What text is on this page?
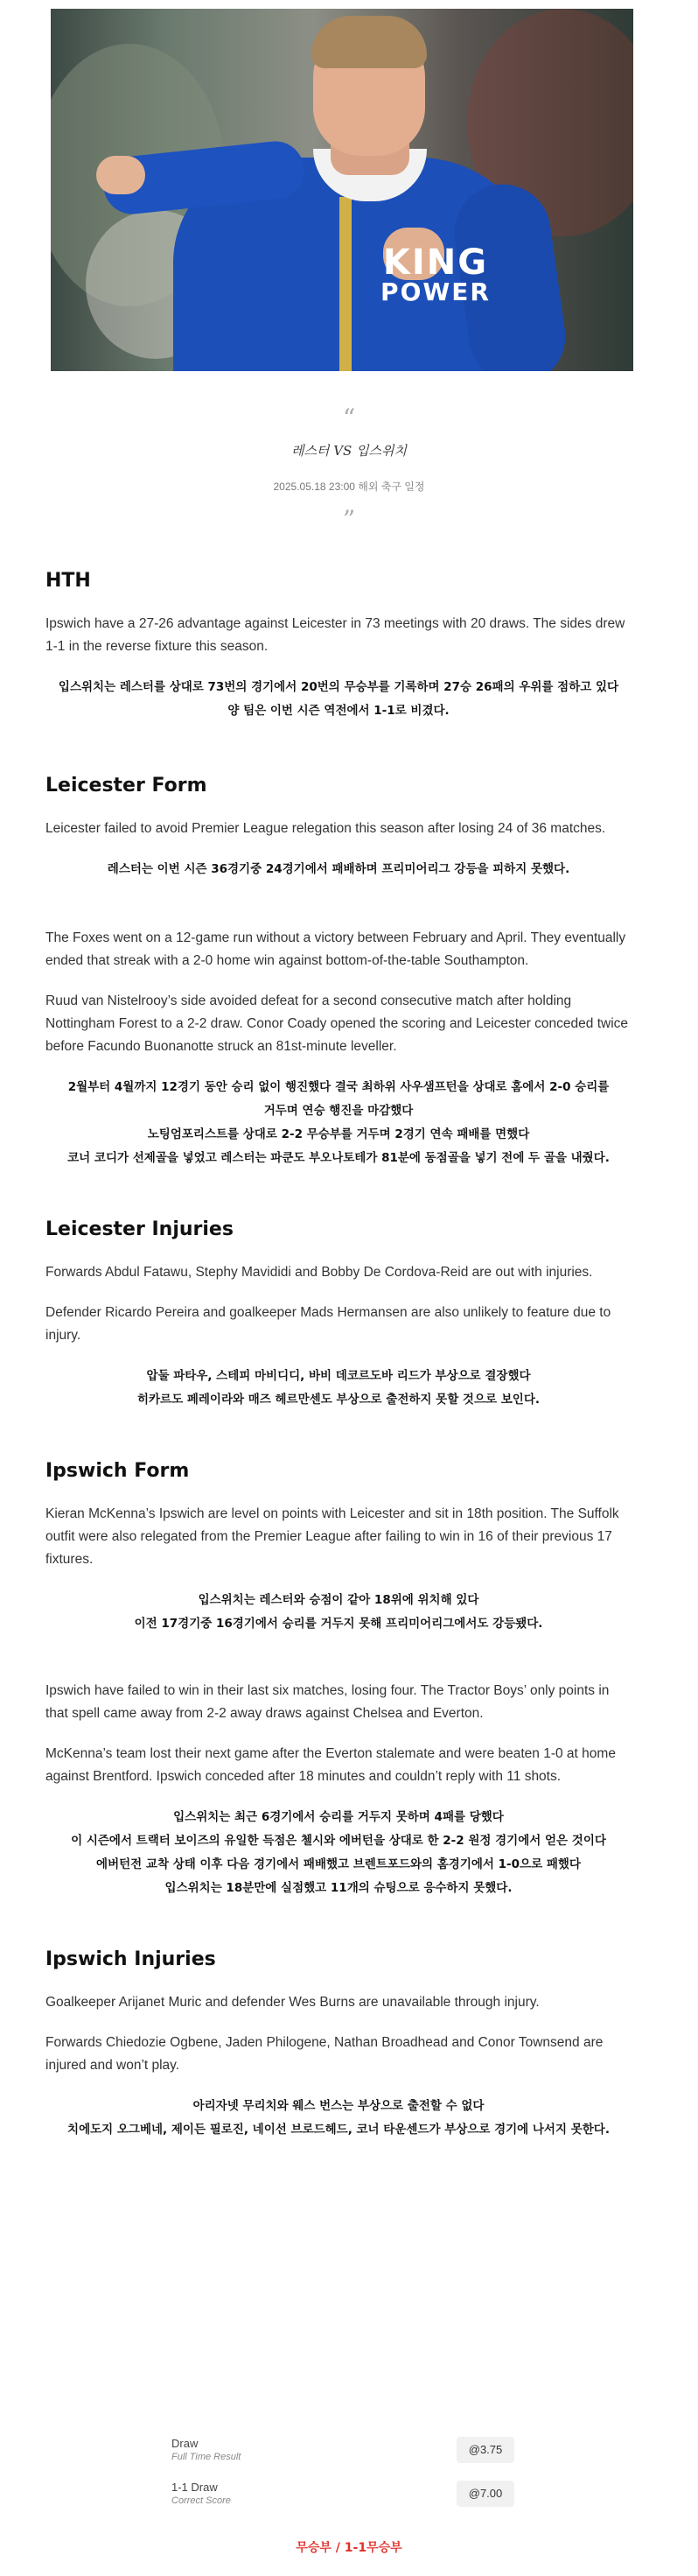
KING
POWER
“
레스터 VS 입스위치
2025.05.18 23:00 해외 축구 일정
”
HTH

Ipswich have a 27-26 advantage against Leicester in 73 meetings with 20 draws. The sides drew 1-1 in the reverse fixture this season.

입스위치는 레스터를 상대로 73번의 경기에서 20번의 무승부를 기록하며 27승 26패의 우위를 점하고 있다
양 팀은 이번 시즌 역전에서 1-1로 비겼다.

Leicester Form

Leicester failed to avoid Premier League relegation this season after losing 24 of 36 matches.

레스터는 이번 시즌 36경기중 24경기에서 패배하며 프리미어리그 강등을 피하지 못했다.

The Foxes went on a 12-game run without a victory between February and April. They eventually ended that streak with a 2-0 home win against bottom-of-the-table Southampton.

Ruud van Nistelrooy’s side avoided defeat for a second consecutive match after holding Nottingham Forest to a 2-2 draw. Conor Coady opened the scoring and Leicester conceded twice before Facundo Buonanotte struck an 81st-minute leveller.

2월부터 4월까지 12경기 동안 승리 없이 행진했다 결국 최하위 사우샘프턴을 상대로 홈에서 2-0 승리를
거두며 연승 행진을 마감했다
노팅엄포리스트를 상대로 2-2 무승부를 거두며 2경기 연속 패배를 면했다
코너 코디가 선제골을 넣었고 레스터는 파쿤도 부오나토테가 81분에 동점골을 넣기 전에 두 골을 내줬다.

Leicester Injuries

Forwards Abdul Fatawu, Stephy Mavididi and Bobby De Cordova-Reid are out with injuries.

Defender Ricardo Pereira and goalkeeper Mads Hermansen are also unlikely to feature due to injury.

압둘 파타우, 스테피 마비디디, 바비 데코르도바 리드가 부상으로 결장했다
히카르도 페레이라와 매즈 헤르만센도 부상으로 출전하지 못할 것으로 보인다.

Ipswich Form

Kieran McKenna’s Ipswich are level on points with Leicester and sit in 18th position. The Suffolk outfit were also relegated from the Premier League after failing to win in 16 of their previous 17 fixtures.

입스위치는 레스터와 승점이 같아 18위에 위치해 있다
이전 17경기중 16경기에서 승리를 거두지 못해 프리미어리그에서도 강등됐다.

Ipswich have failed to win in their last six matches, losing four. The Tractor Boys’ only points in that spell came away from 2-2 away draws against Chelsea and Everton.

McKenna’s team lost their next game after the Everton stalemate and were beaten 1-0 at home against Brentford. Ipswich conceded after 18 minutes and couldn’t reply with 11 shots.

입스위치는 최근 6경기에서 승리를 거두지 못하며 4패를 당했다
이 시즌에서 트랙터 보이즈의 유일한 득점은 첼시와 에버턴을 상대로 한 2-2 원정 경기에서 얻은 것이다
에버턴전 교착 상태 이후 다음 경기에서 패배했고 브렌트포드와의 홈경기에서 1-0으로 패했다
입스위치는 18분만에 실점했고 11개의 슈팅으로 응수하지 못했다.

Ipswich Injuries

Goalkeeper Arijanet Muric and defender Wes Burns are unavailable through injury.

Forwards Chiedozie Ogbene, Jaden Philogene, Nathan Broadhead and Conor Townsend are injured and won’t play.

아리자넷 무리치와 웨스 번스는 부상으로 출전할 수 없다
치에도지 오그베네, 제이든 필로진, 네이선 브로드헤드, 코너 타운센드가 부상으로 경기에 나서지 못한다.

Draw
Full Time Result
@3.75
1-1 Draw
Correct Score
@7.00
무승부 / 1-1무승부
